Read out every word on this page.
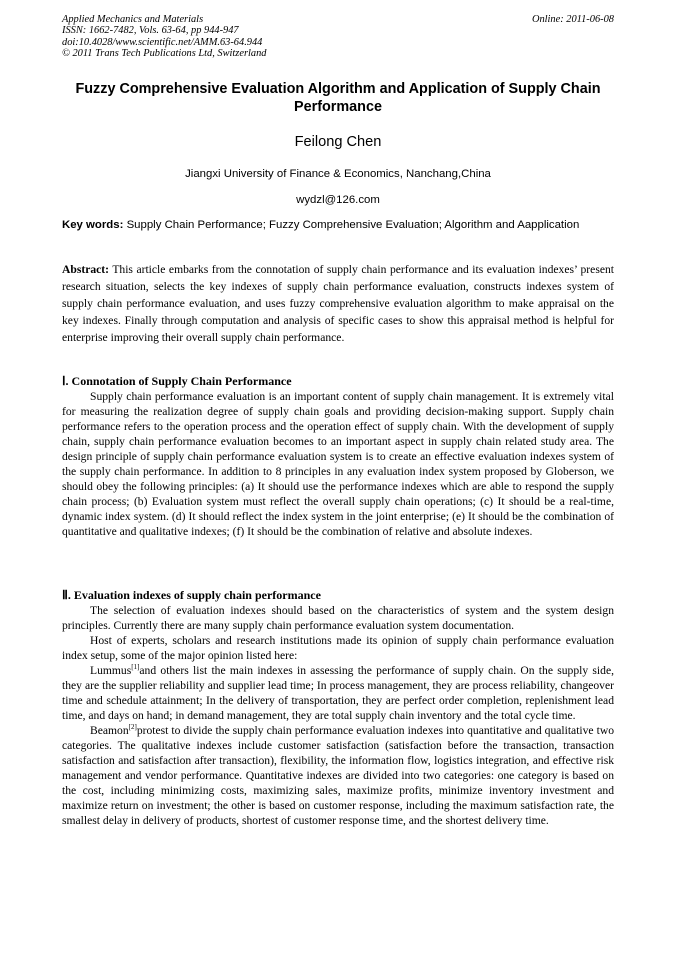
Applied Mechanics and Materials
ISSN: 1662-7482, Vols. 63-64, pp 944-947
doi:10.4028/www.scientific.net/AMM.63-64.944
© 2011 Trans Tech Publications Ltd, Switzerland
Online: 2011-06-08
Fuzzy Comprehensive Evaluation Algorithm and Application of Supply Chain Performance
Feilong Chen
Jiangxi University of Finance & Economics, Nanchang,China
wydzl@126.com
Key words: Supply Chain Performance; Fuzzy Comprehensive Evaluation; Algorithm and Aapplication
Abstract: This article embarks from the connotation of supply chain performance and its evaluation indexes’ present research situation, selects the key indexes of supply chain performance evaluation, constructs indexes system of supply chain performance evaluation, and uses fuzzy comprehensive evaluation algorithm to make appraisal on the key indexes. Finally through computation and analysis of specific cases to show this appraisal method is helpful for enterprise improving their overall supply chain performance.
Ⅰ. Connotation of Supply Chain Performance

Supply chain performance evaluation is an important content of supply chain management. It is extremely vital for measuring the realization degree of supply chain goals and providing decision-making support. Supply chain performance refers to the operation process and the operation effect of supply chain. With the development of supply chain, supply chain performance evaluation becomes to an important aspect in supply chain related study area. The design principle of supply chain performance evaluation system is to create an effective evaluation indexes system of the supply chain performance. In addition to 8 principles in any evaluation index system proposed by Globerson, we should obey the following principles: (a) It should use the performance indexes which are able to respond the supply chain process; (b) Evaluation system must reflect the overall supply chain operations; (c) It should be a real-time, dynamic index system. (d) It should reflect the index system in the joint enterprise; (e) It should be the combination of quantitative and qualitative indexes; (f) It should be the combination of relative and absolute indexes.

Ⅱ. Evaluation indexes of supply chain performance

The selection of evaluation indexes should based on the characteristics of system and the system design principles. Currently there are many supply chain performance evaluation system documentation.

Host of experts, scholars and research institutions made its opinion of supply chain performance evaluation index setup, some of the major opinion listed here:

Lummus[1]and others list the main indexes in assessing the performance of supply chain. On the supply side, they are the supplier reliability and supplier lead time; In process management, they are process reliability, changeover time and schedule attainment; In the delivery of transportation, they are perfect order completion, replenishment lead time, and days on hand; in demand management, they are total supply chain inventory and the total cycle time.

Beamon[2]protest to divide the supply chain performance evaluation indexes into quantitative and qualitative two categories. The qualitative indexes include customer satisfaction (satisfaction before the transaction, transaction satisfaction and satisfaction after transaction), flexibility, the information flow, logistics integration, and effective risk management and vendor performance. Quantitative indexes are divided into two categories: one category is based on the cost, including minimizing costs, maximizing sales, maximize profits, minimize inventory investment and maximize return on investment; the other is based on customer response, including the maximum satisfaction rate, the smallest delay in delivery of products, shortest of customer response time, and the shortest delivery time.
